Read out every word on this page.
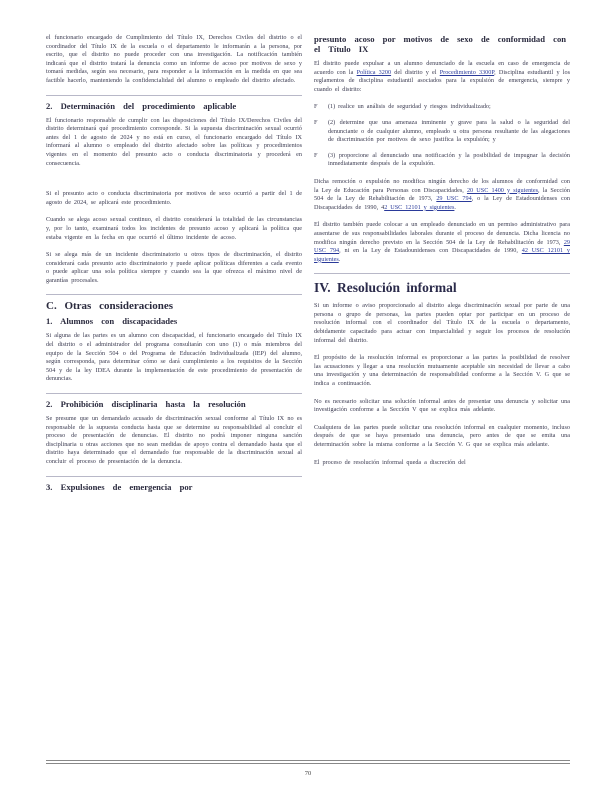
el funcionario encargado de Cumplimiento del Título IX, Derechos Civiles del distrito o el coordinador del Título IX de la escuela o el departamento le informarán a la persona, por escrito, que el distrito no puede proceder con una investigación. La notificación también indicará que el distrito tratará la denuncia como un informe de acoso por motivos de sexo y tomará medidas, según sea necesario, para responder a la información en la medida en que sea factible hacerlo, manteniendo la confidencialidad del alumno o empleado del distrito afectado.

2. Determinación del procedimiento aplicable

El funcionario responsable de cumplir con las disposiciones del Título IX/Derechos Civiles del distrito determinará qué procedimiento corresponde. Si la supuesta discriminación sexual ocurrió antes del 1 de agosto de 2024 y no está en curso, el funcionario encargado del Título IX informará al alumno o empleado del distrito afectado sobre las políticas y procedimientos vigentes en el momento del presunto acto o conducta discriminatoria y procederá en consecuencia.

Si el presunto acto o conducta discriminatoria por motivos de sexo ocurrió a partir del 1 de agosto de 2024, se aplicará este procedimiento.

Cuando se alega acoso sexual continuo, el distrito considerará la totalidad de las circunstancias y, por lo tanto, examinará todos los incidentes de presunto acoso y aplicará la política que estaba vigente en la fecha en que ocurrió el último incidente de acoso.

Si se alega más de un incidente discriminatorio u otros tipos de discriminación, el distrito considerará cada presunto acto discriminatorio y puede aplicar políticas diferentes a cada evento o puede aplicar una sola política siempre y cuando sea la que ofrezca el máximo nivel de garantías procesales.

C. Otras consideraciones
1. Alumnos con discapacidades

Si alguna de las partes es un alumno con discapacidad, el funcionario encargado del Título IX del distrito o el administrador del programa consultarán con uno (1) o más miembros del equipo de la Sección 504 o del Programa de Educación Individualizada (IEP) del alumno, según corresponda, para determinar cómo se dará cumplimiento a los requisitos de la Sección 504 y de la ley IDEA durante la implementación de este procedimiento de presentación de denuncias.

2. Prohibición disciplinaria hasta la resolución

Se presume que un demandado acusado de discriminación sexual conforme al Título IX no es responsable de la supuesta conducta hasta que se determine su responsabilidad al concluir el proceso de presentación de denuncias. El distrito no podrá imponer ninguna sanción disciplinaria u otras acciones que no sean medidas de apoyo contra el demandado hasta que el distrito haya determinado que el demandado fue responsable de la discriminación sexual al concluir el proceso de presentación de la denuncia.

3. Expulsiones de emergencia por
presunto acoso por motivos de sexo de conformidad con el Título IX

El distrito puede expulsar a un alumno denunciado de la escuela en caso de emergencia de acuerdo con la Política 3200 del distrito y el Procedimiento 3300P, Disciplina estudiantil y los reglamentos de disciplina estudiantil asociados para la expulsión de emergencia, siempre y cuando el distrito:

F (1) realice un análisis de seguridad y riesgos individualizado;
F (2) determine que una amenaza inminente y grave para la salud o la seguridad del denunciante o de cualquier alumno, empleado u otra persona resultante de las alegaciones de discriminación por motivos de sexo justifica la expulsión; y
F (3) proporcione al denunciado una notificación y la posibilidad de impugnar la decisión inmediatamente después de la expulsión.

Dicha remoción o expulsión no modifica ningún derecho de los alumnos de conformidad con la Ley de Educación para Personas con Discapacidades, 20 USC 1400 y siguientes, la Sección 504 de la Ley de Rehabilitación de 1973, 29 USC 794, o la Ley de Estadounidenses con Discapacidades de 1990, 42 USC 12101 y siguientes.

El distrito también puede colocar a un empleado denunciado en un permiso administrativo para ausentarse de sus responsabilidades laborales durante el proceso de denuncia. Dicha licencia no modifica ningún derecho previsto en la Sección 504 de la Ley de Rehabilitación de 1973, 29 USC 794, ni en la Ley de Estadounidenses con Discapacidades de 1990, 42 USC 12101 y siguientes.

IV. Resolución informal

Si un informe o aviso proporcionado al distrito alega discriminación sexual por parte de una persona o grupo de personas, las partes pueden optar por participar en un proceso de resolución informal con el coordinador del Título IX de la escuela o departamento, debidamente capacitado para actuar con imparcialidad y seguir los procesos de resolución informal del distrito.

El propósito de la resolución informal es proporcionar a las partes la posibilidad de resolver las acusaciones y llegar a una resolución mutuamente aceptable sin necesidad de llevar a cabo una investigación y una determinación de responsabilidad conforme a la Sección V. G que se indica a continuación.

No es necesario solicitar una solución informal antes de presentar una denuncia y solicitar una investigación conforme a la Sección V que se explica más adelante.

Cualquiera de las partes puede solicitar una resolución informal en cualquier momento, incluso después de que se haya presentado una denuncia, pero antes de que se emita una determinación sobre la misma conforme a la Sección V. G que se explica más adelante.

El proceso de resolución informal queda a discreción del

70
